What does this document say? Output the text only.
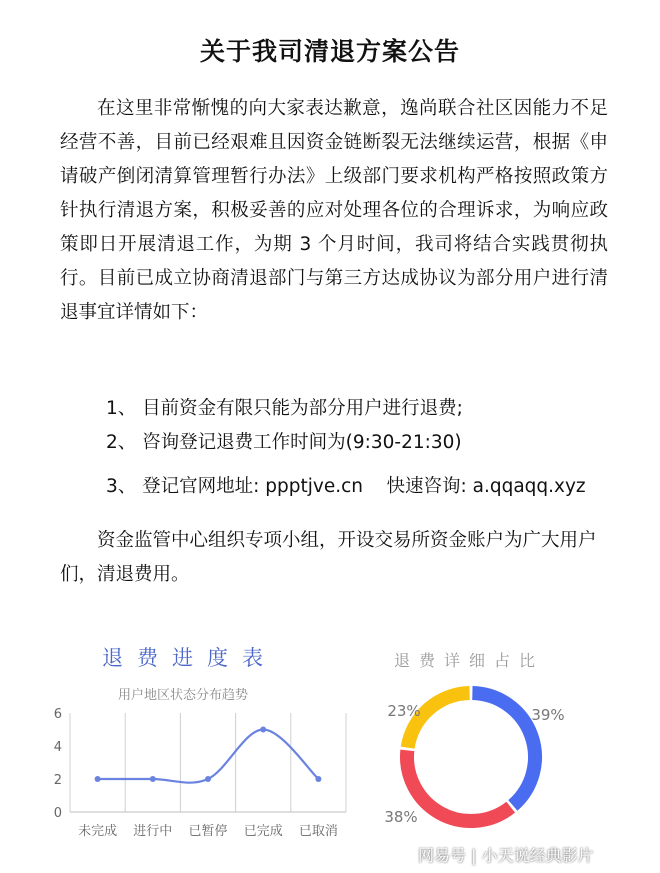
关于我司清退方案公告

在这里非常惭愧的向大家表达歉意，逸尚联合社区因能力不足经营不善，目前已经艰难且因资金链断裂无法继续运营，根据《申请破产倒闭清算管理暂行办法》上级部门要求机构严格按照政策方针执行清退方案，积极妥善的应对处理各位的合理诉求，为响应政策即日开展清退工作，为期 3 个月时间，我司将结合实践贯彻执行。目前已成立协商清退部门与第三方达成协议为部分用户进行清退事宜详情如下：

1、 目前资金有限只能为部分用户进行退费;
2、 咨询登记退费工作时间为(9:30-21:30)
3、 登记官网地址: ppptjve.cn    快速咨询: a.qqaqq.xyz

资金监管中心组织专项小组，开设交易所资金账户为广大用户们，清退费用。

退费进度表
用户地区状态分布趋势
退费详细占比
0
2
4
6
未完成 进行中 已暂停 已完成 已取消
39%
38%
23%
网易号 | 小天说经典影片
